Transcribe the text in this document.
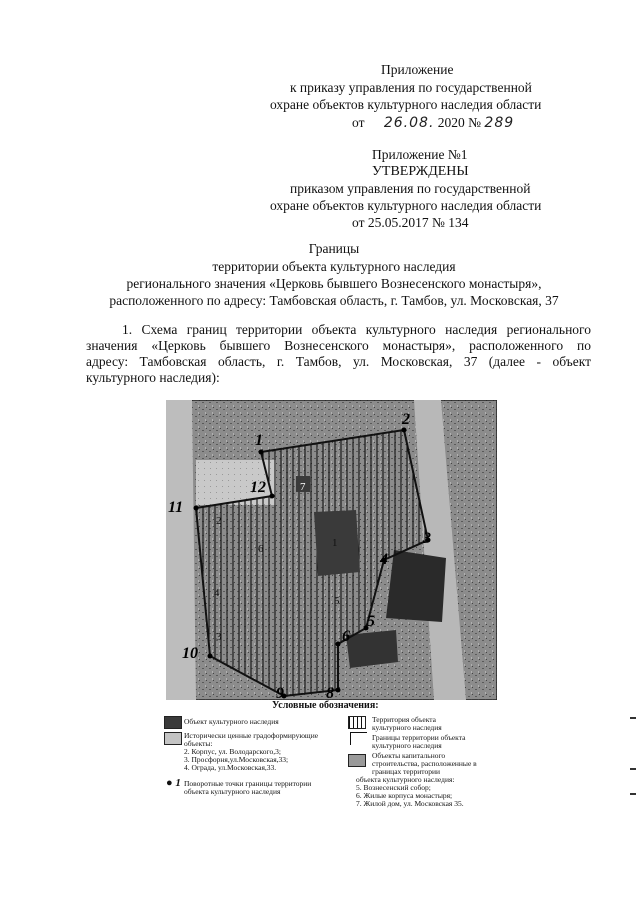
Приложение
к приказу управления по государственной
охране объектов культурного наследия области
от 26.08. 2020 № 289
Приложение №1
УТВЕРЖДЕНЫ
приказом управления по государственной
охране объектов культурного наследия области
от 25.05.2017 № 134
Границы
территории объекта культурного наследия
регионального значения «Церковь бывшего Вознесенского монастыря»,
расположенного по адресу: Тамбовская область, г. Тамбов, ул. Московская, 37
1. Схема границ территории объекта культурного наследия регионального
значения «Церковь бывшего Вознесенского монастыря», расположенного по
адресу: Тамбовская область, г. Тамбов, ул. Московская, 37 (далее - объект
культурного наследия):
1
2
3
4
5
6
8
9
10
11
12
1
2
3
4
5
6
7
Условные обозначения:
Объект культурного наследия
Исторически ценные градоформирующие
объекты:
2. Корпус, ул. Володарского,3;
3. Просфорня,ул.Московская,33;
4. Ограда, ул.Московская,33.
● 1 Поворотные точки границы территории
объекта культурного наследия
Территория объекта
культурного наследия
Границы территории объекта
культурного наследия
Объекты капитального
строительства, расположенные в
границах территории
объекта культурного наследия:
5. Вознесенский собор;
6. Жилые корпуса монастыря;
7. Жилой дом, ул. Московская 35.
